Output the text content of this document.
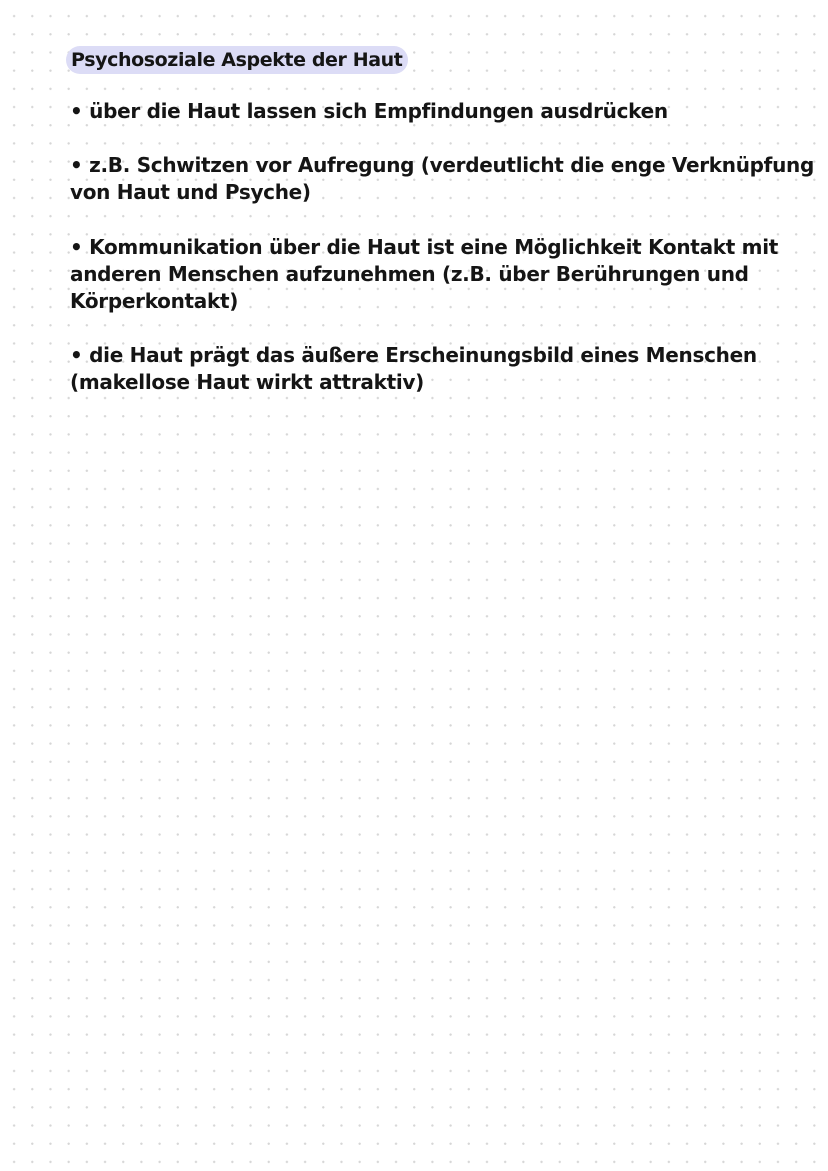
Psychosoziale Aspekte der Haut
• über die Haut lassen sich Empfindungen ausdrücken
• z.B. Schwitzen vor Aufregung (verdeutlicht die enge Verknüpfung
von Haut und Psyche)
• Kommunikation über die Haut ist eine Möglichkeit Kontakt mit
anderen Menschen aufzunehmen (z.B. über Berührungen und
Körperkontakt)
• die Haut prägt das äußere Erscheinungsbild eines Menschen
(makellose Haut wirkt attraktiv)
